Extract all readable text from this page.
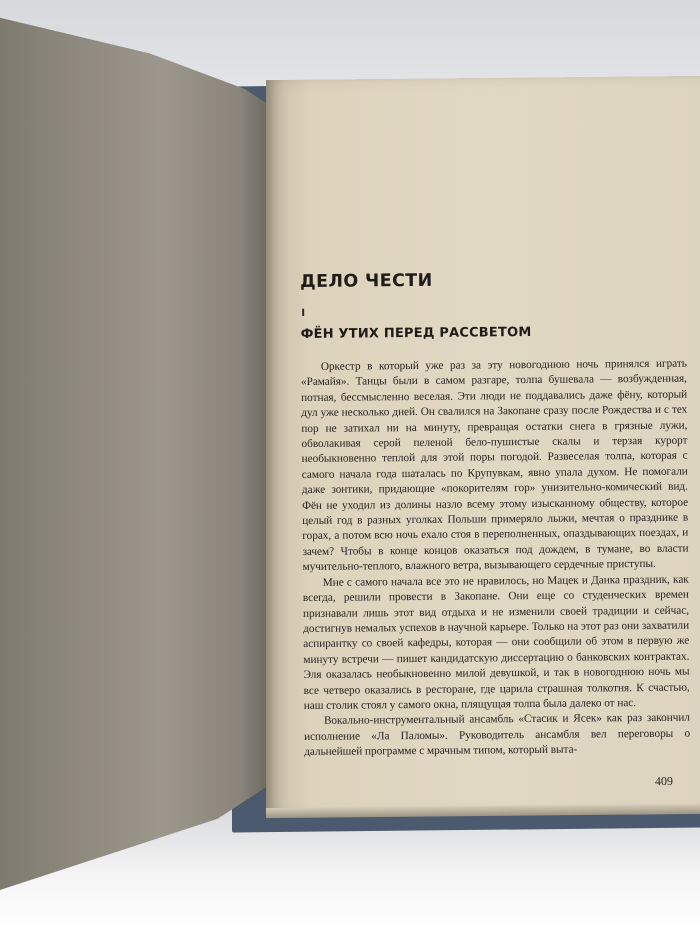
ДЕЛО ЧЕСТИ
I
ФЁН УТИХ ПЕРЕД РАССВЕТОМ

Оркестр в который уже раз за эту новогоднюю ночь принялся играть «Рамайя». Танцы были в самом разгаре, толпа бушевала — возбужденная, потная, бессмысленно веселая. Эти люди не поддавались даже фёну, который дул уже несколько дней. Он свалился на Закопане сразу после Рождества и с тех пор не затихал ни на минуту, превращая остатки снега в грязные лужи, обволакивая серой пеленой бело-пушистые скалы и терзая курорт необыкновенно теплой для этой поры погодой. Развеселая толпа, которая с самого начала года шаталась по Крупувкам, явно упала духом. Не помогали даже зонтики, придающие «покорителям гор» унизительно-комический вид. Фён не уходил из долины назло всему этому изысканному обществу, которое целый год в разных уголках Польши примеряло лыжи, мечтая о празднике в горах, а потом всю ночь ехало стоя в переполненных, опаздывающих поездах, и зачем? Чтобы в конце концов оказаться под дождем, в тумане, во власти мучительно-теплого, влажного ветра, вызывающего сердечные приступы.

Мне с самого начала все это не нравилось, но Мацек и Данка праздник, как всегда, решили провести в Закопане. Они еще со студенческих времен признавали лишь этот вид отдыха и не изменили своей традиции и сейчас, достигнув немалых успехов в научной карьере. Только на этот раз они захватили аспирантку со своей кафедры, которая — они сообщили об этом в первую же минуту встречи — пишет кандидатскую диссертацию о банковских контрактах. Эля оказалась необыкновенно милой девушкой, и так в новогоднюю ночь мы все четверо оказались в ресторане, где царила страшная толкотня. К счастью, наш столик стоял у самого окна, плящущая толпа была далеко от нас.

Вокально-инструментальный ансамбль «Стасик и Ясек» как раз закончил исполнение «Ла Паломы». Руководитель ансамбля вел переговоры о дальнейшей программе с мрачным типом, который выта-

409
